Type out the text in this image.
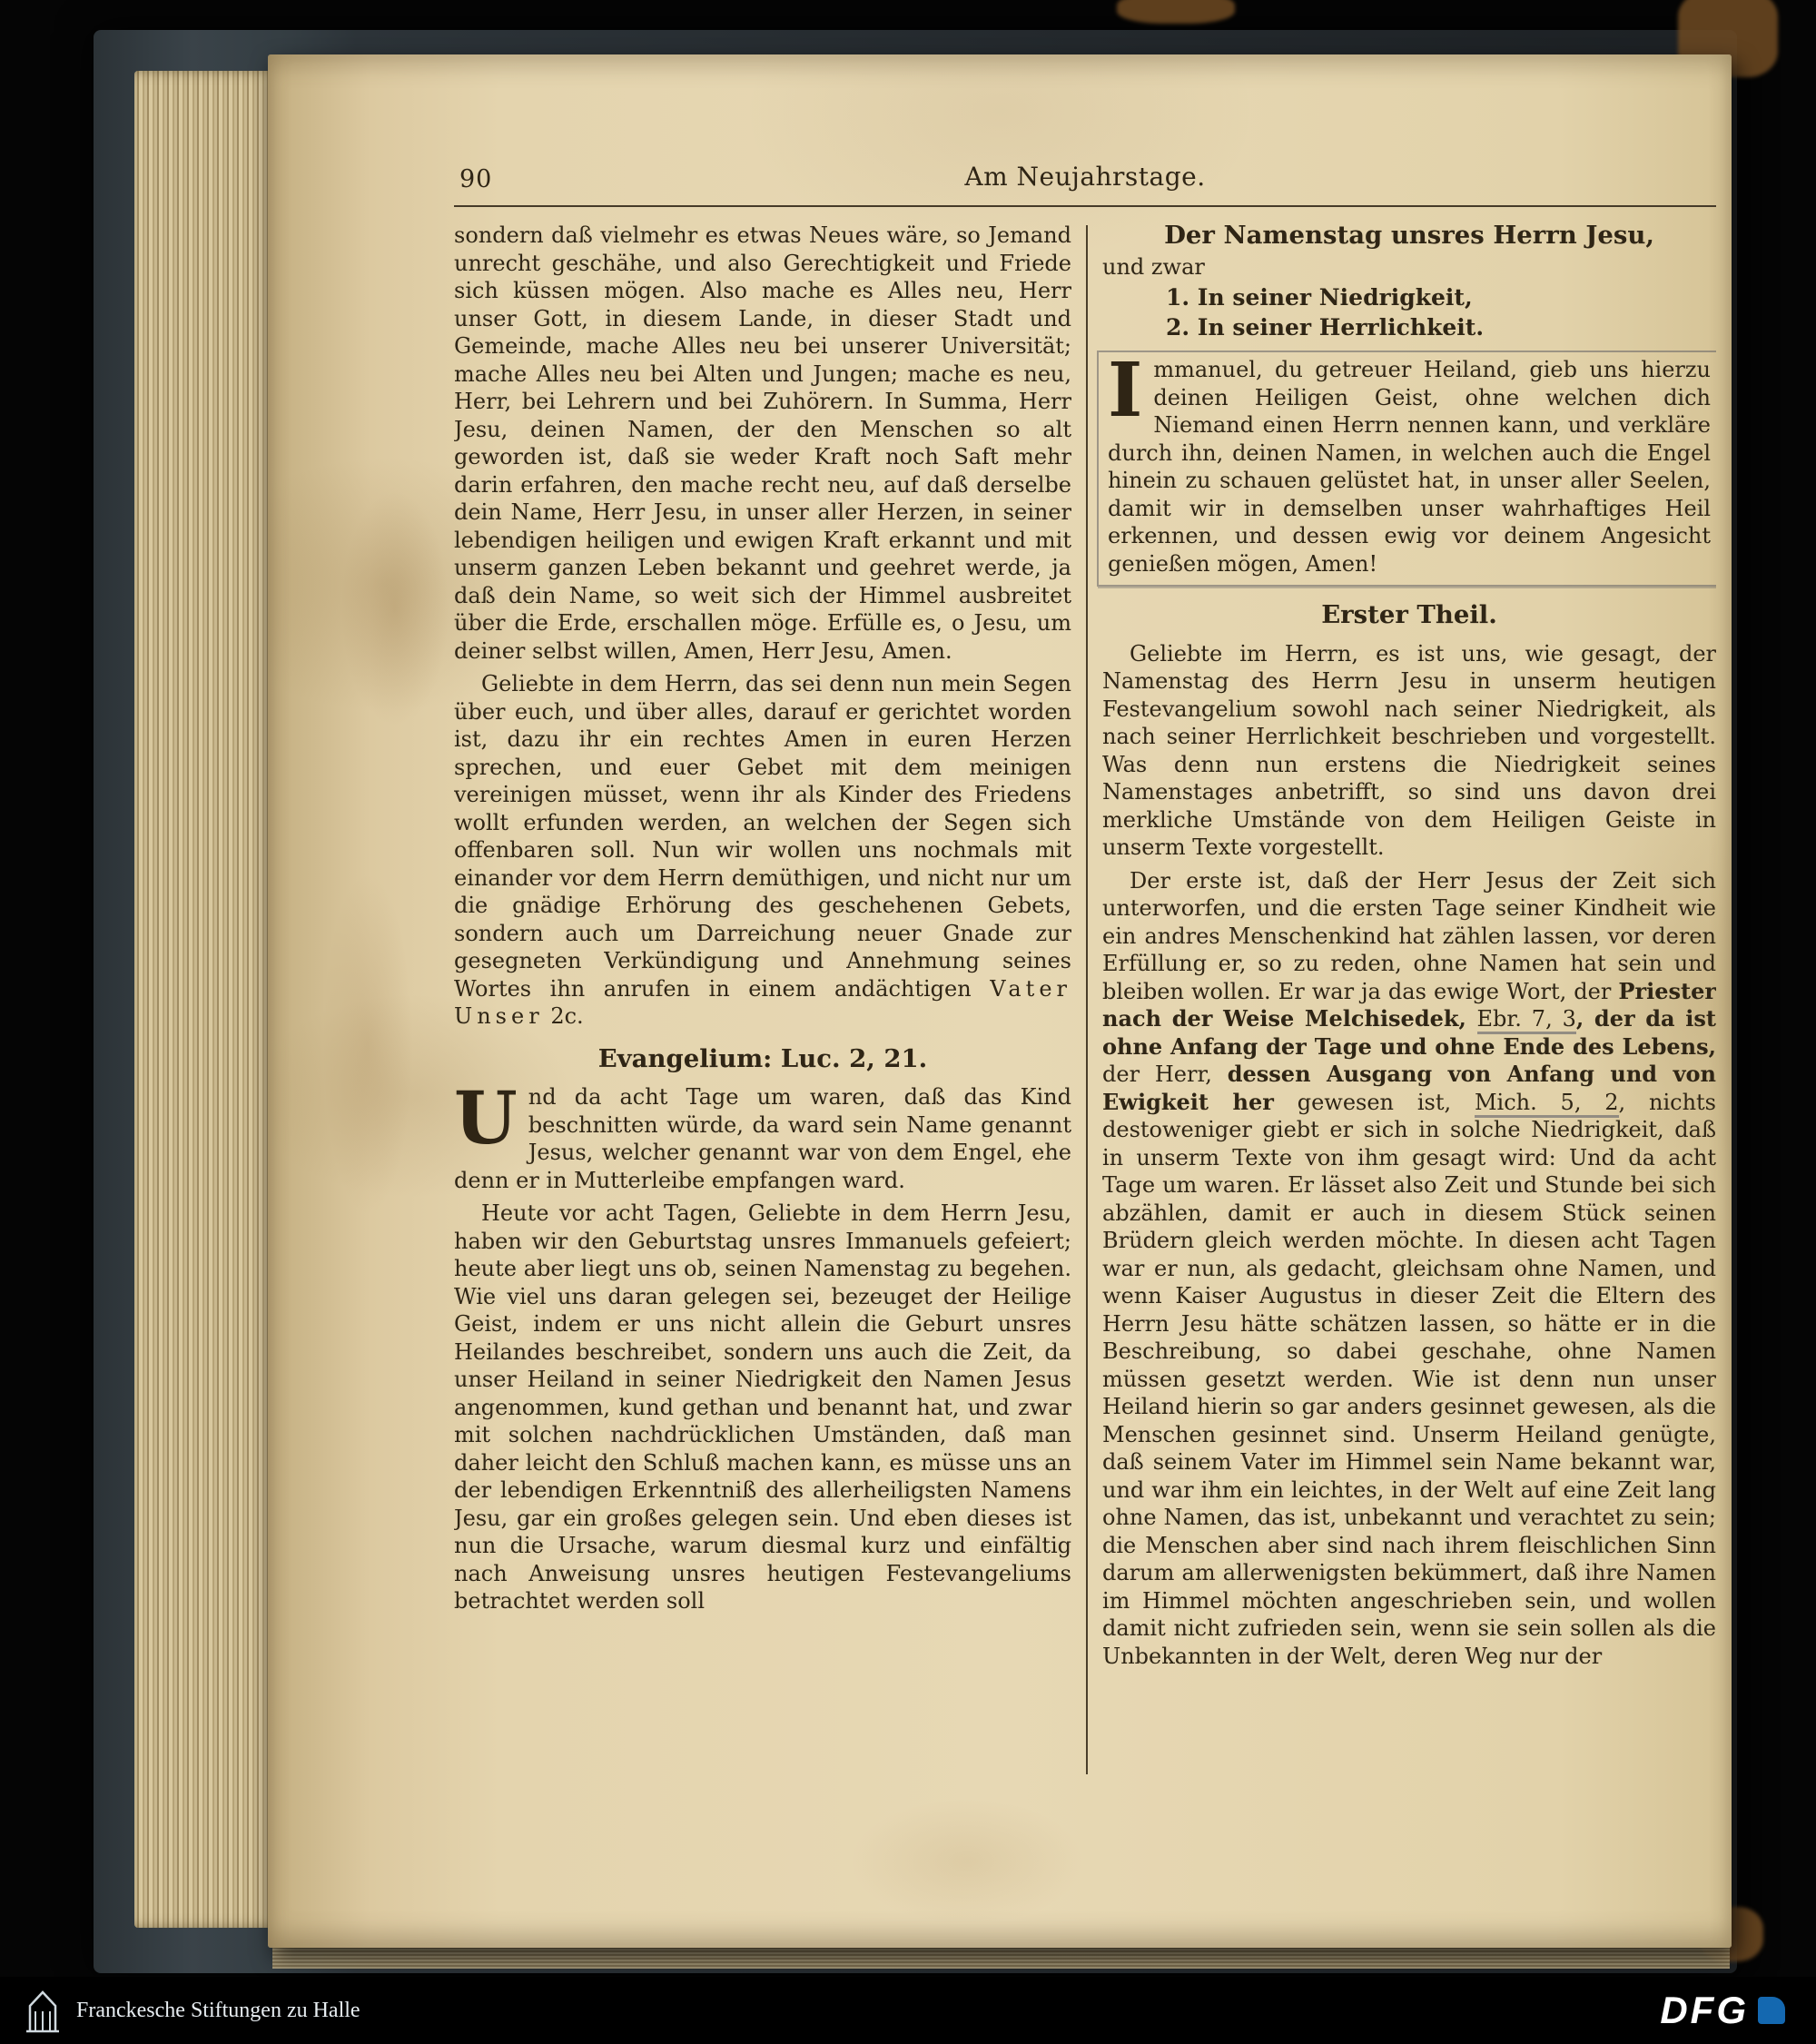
90	Am Neujahrstage.

sondern daß vielmehr es etwas Neues wäre, so Jemand unrecht geschähe, und also Gerechtigkeit und Friede sich küssen mögen. Also mache es Alles neu, Herr unser Gott, in diesem Lande, in dieser Stadt und Gemeinde, mache Alles neu bei unserer Universität; mache Alles neu bei Alten und Jungen; mache es neu, Herr, bei Lehrern und bei Zuhörern. In Summa, Herr Jesu, deinen Namen, der den Menschen so alt geworden ist, daß sie weder Kraft noch Saft mehr darin erfahren, den mache recht neu, auf daß derselbe dein Name, Herr Jesu, in unser aller Herzen, in seiner lebendigen heiligen und ewigen Kraft erkannt und mit unserm ganzen Leben bekannt und geehret werde, ja daß dein Name, so weit sich der Himmel ausbreitet über die Erde, erschallen möge. Erfülle es, o Jesu, um deiner selbst willen, Amen, Herr Jesu, Amen.

Geliebte in dem Herrn, das sei denn nun mein Segen über euch, und über alles, darauf er gerichtet worden ist, dazu ihr ein rechtes Amen in euren Herzen sprechen, und euer Gebet mit dem meinigen vereinigen müsset, wenn ihr als Kinder des Friedens wollt erfunden werden, an welchen der Segen sich offenbaren soll. Nun wir wollen uns nochmals mit einander vor dem Herrn demüthigen, und nicht nur um die gnädige Erhörung des geschehenen Gebets, sondern auch um Darreichung neuer Gnade zur gesegneten Verkündigung und Annehmung seines Wortes ihn anrufen in einem andächtigen Vater Unser 2c.

Evangelium: Luc. 2, 21.

Und da acht Tage um waren, daß das Kind beschnitten würde, da ward sein Name genannt Jesus, welcher genannt war von dem Engel, ehe denn er in Mutterleibe empfangen ward.

Heute vor acht Tagen, Geliebte in dem Herrn Jesu, haben wir den Geburtstag unsres Immanuels gefeiert; heute aber liegt uns ob, seinen Namenstag zu begehen. Wie viel uns daran gelegen sei, bezeuget der Heilige Geist, indem er uns nicht allein die Geburt unsres Heilandes beschreibet, sondern uns auch die Zeit, da unser Heiland in seiner Niedrigkeit den Namen Jesus angenommen, kund gethan und benannt hat, und zwar mit solchen nachdrücklichen Umständen, daß man daher leicht den Schluß machen kann, es müsse uns an der lebendigen Erkenntniß des allerheiligsten Namens Jesu, gar ein großes gelegen sein. Und eben dieses ist nun die Ursache, warum diesmal kurz und einfältig nach Anweisung unsres heutigen Festevangeliums betrachtet werden soll

Der Namenstag unsres Herrn Jesu,

und zwar

1. In seiner Niedrigkeit,

2. In seiner Herrlichkeit.

Immanuel, du getreuer Heiland, gieb uns hierzu deinen Heiligen Geist, ohne welchen dich Niemand einen Herrn nennen kann, und verkläre durch ihn, deinen Namen, in welchen auch die Engel hinein zu schauen gelüstet hat, in unser aller Seelen, damit wir in demselben unser wahrhaftiges Heil erkennen, und dessen ewig vor deinem Angesicht genießen mögen, Amen!

Erster Theil.

Geliebte im Herrn, es ist uns, wie gesagt, der Namenstag des Herrn Jesu in unserm heutigen Festevangelium sowohl nach seiner Niedrigkeit, als nach seiner Herrlichkeit beschrieben und vorgestellt. Was denn nun erstens die Niedrigkeit seines Namenstages anbetrifft, so sind uns davon drei merkliche Umstände von dem Heiligen Geiste in unserm Texte vorgestellt.

Der erste ist, daß der Herr Jesus der Zeit sich unterworfen, und die ersten Tage seiner Kindheit wie ein andres Menschenkind hat zählen lassen, vor deren Erfüllung er, so zu reden, ohne Namen hat sein und bleiben wollen. Er war ja das ewige Wort, der Priester nach der Weise Melchisedek, Ebr. 7, 3, der da ist ohne Anfang der Tage und ohne Ende des Lebens, der Herr, dessen Ausgang von Anfang und von Ewigkeit her gewesen ist, Mich. 5, 2, nichts destoweniger giebt er sich in solche Niedrigkeit, daß in unserm Texte von ihm gesagt wird: Und da acht Tage um waren. Er lässet also Zeit und Stunde bei sich abzählen, damit er auch in diesem Stück seinen Brüdern gleich werden möchte. In diesen acht Tagen war er nun, als gedacht, gleichsam ohne Namen, und wenn Kaiser Augustus in dieser Zeit die Eltern des Herrn Jesu hätte schätzen lassen, so hätte er in die Beschreibung, so dabei geschahe, ohne Namen müssen gesetzt werden. Wie ist denn nun unser Heiland hierin so gar anders gesinnet gewesen, als die Menschen gesinnet sind. Unserm Heiland genügte, daß seinem Vater im Himmel sein Name bekannt war, und war ihm ein leichtes, in der Welt auf eine Zeit lang ohne Namen, das ist, unbekannt und verachtet zu sein; die Menschen aber sind nach ihrem fleischlichen Sinn darum am allerwenigsten bekümmert, daß ihre Namen im Himmel möchten angeschrieben sein, und wollen damit nicht zufrieden sein, wenn sie sein sollen als die Unbekannten in der Welt, deren Weg nur der

Franckesche Stiftungen zu Halle	DFG
